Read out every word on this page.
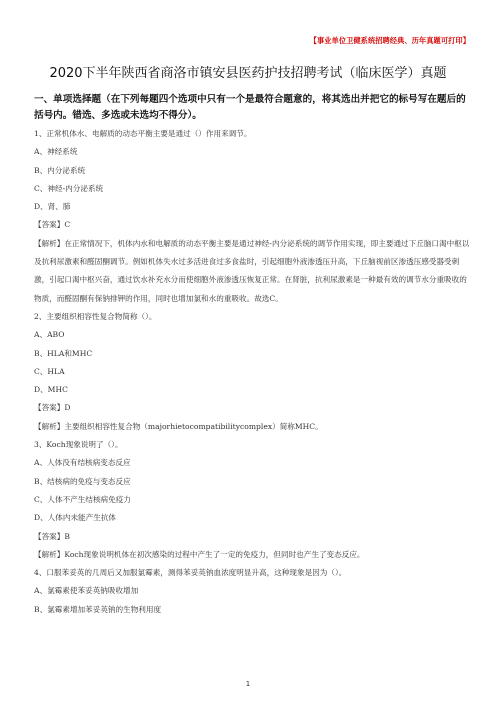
【事业单位卫健系统招聘经典、历年真题可打印】
2020下半年陕西省商洛市镇安县医药护技招聘考试（临床医学）真题
一、单项选择题（在下列每题四个选项中只有一个是最符合题意的，将其选出并把它的标号写在题后的括号内。错选、多选或未选均不得分）。
1、正常机体水、电解质的动态平衡主要是通过（）作用来调节。
A、神经系统
B、内分泌系统
C、神经-内分泌系统
D、肾、肺
【答案】C
【解析】在正常情况下，机体内水和电解质的动态平衡主要是通过神经-内分泌系统的调节作用实现，即主要通过下丘脑口渴中枢以及抗利尿激素和醛固酮调节。例如机体失水过多活进食过多食盐时，引起细胞外液渗透压升高，下丘脑视前区渗透压感受器受刺激，引起口渴中枢兴奋，通过饮水补充水分而使细胞外液渗透压恢复正常。在肾脏，抗利尿激素是一种最有效的调节水分重吸收的物质，而醛固酮有保钠排钾的作用，同时也增加氯和水的重吸收。故选C。
2、主要组织相容性复合物简称（）。
A、ABO
B、HLA和MHC
C、HLA
D、MHC
【答案】D
【解析】主要组织相容性复合物（majorhietocompatibilitycomplex）简称MHC。
3、Koch现象说明了（）。
A、人体没有结核病变态反应
B、结核病的免疫与变态反应
C、人体不产生结核病免疫力
D、人体内未能产生抗体
【答案】B
【解析】Koch现象说明机体在初次感染的过程中产生了一定的免疫力，但同时也产生了变态反应。
4、口服苯妥英的几周后又加服氯霉素，测得苯妥英钠血浓度明显升高，这种现象是因为（）。
A、氯霉素使苯妥英钠吸收增加
B、氯霉素增加苯妥英钠的生物利用度
1
